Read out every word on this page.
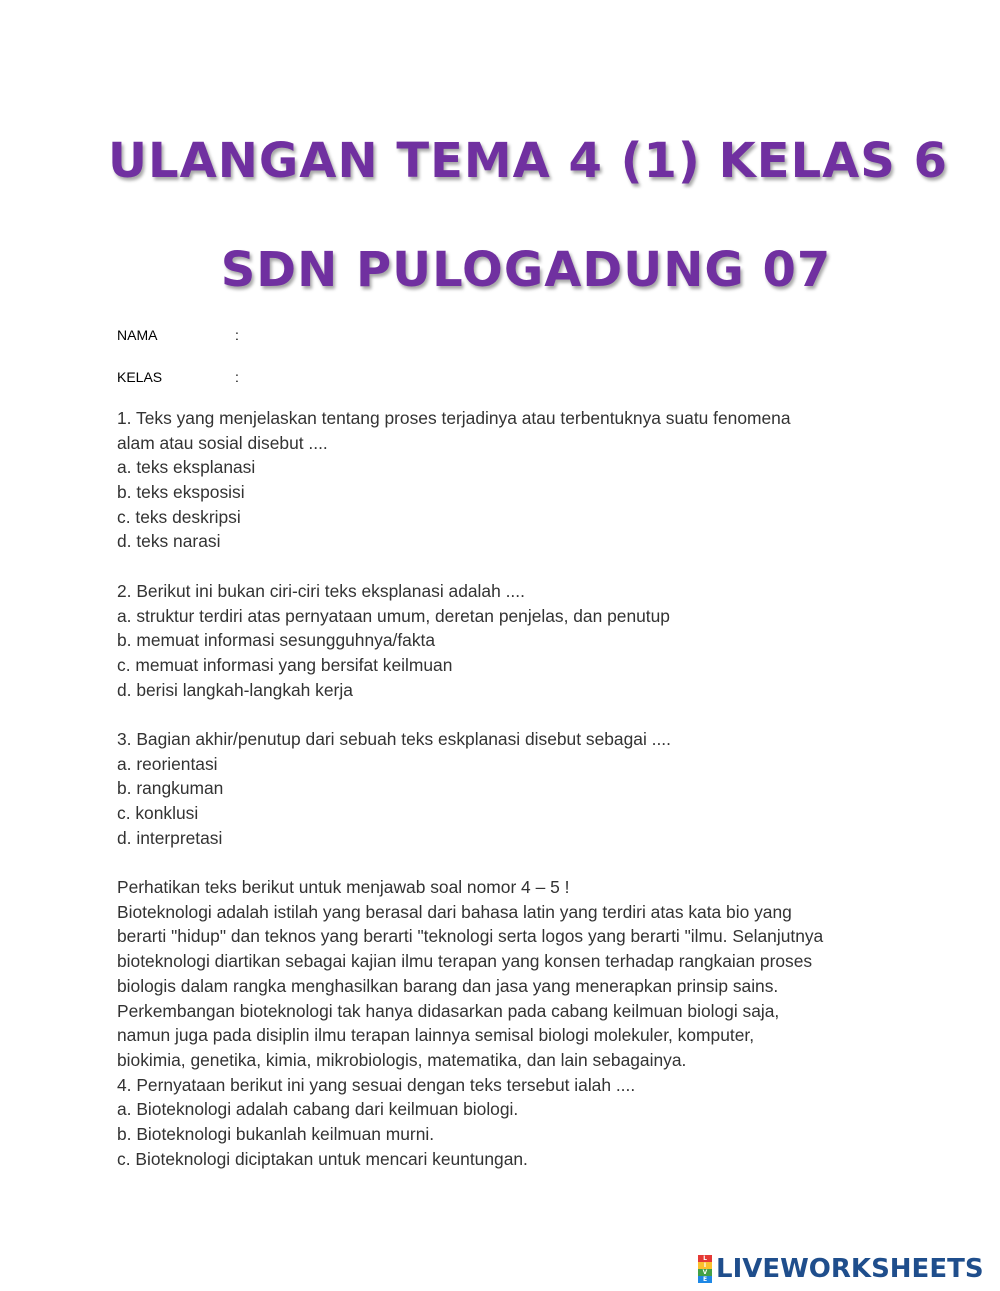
ULANGAN TEMA 4 (1) KELAS 6
SDN PULOGADUNG 07
NAMA	:
KELAS	:
1. Teks yang menjelaskan tentang proses terjadinya atau terbentuknya suatu fenomena
alam atau sosial disebut ....
a. teks eksplanasi
b. teks eksposisi
c. teks deskripsi
d. teks narasi
2. Berikut ini bukan ciri-ciri teks eksplanasi adalah ....
a. struktur terdiri atas pernyataan umum, deretan penjelas, dan penutup
b. memuat informasi sesungguhnya/fakta
c. memuat informasi yang bersifat keilmuan
d. berisi langkah-langkah kerja
3. Bagian akhir/penutup dari sebuah teks eskplanasi disebut sebagai ....
a. reorientasi
b. rangkuman
c. konklusi
d. interpretasi
Perhatikan teks berikut untuk menjawab soal nomor 4 – 5 !
Bioteknologi adalah istilah yang berasal dari bahasa latin yang terdiri atas kata bio yang
berarti "hidup" dan teknos yang berarti "teknologi serta logos yang berarti "ilmu. Selanjutnya
bioteknologi diartikan sebagai kajian ilmu terapan yang konsen terhadap rangkaian proses
biologis dalam rangka menghasilkan barang dan jasa yang menerapkan prinsip sains.
Perkembangan bioteknologi tak hanya didasarkan pada cabang keilmuan biologi saja,
namun juga pada disiplin ilmu terapan lainnya semisal biologi molekuler, komputer,
biokimia, genetika, kimia, mikrobiologis, matematika, dan lain sebagainya.
4. Pernyataan berikut ini yang sesuai dengan teks tersebut ialah ....
a. Bioteknologi adalah cabang dari keilmuan biologi.
b. Bioteknologi bukanlah keilmuan murni.
c. Bioteknologi diciptakan untuk mencari keuntungan.
L
I
V
E LIVEWORKSHEETS
